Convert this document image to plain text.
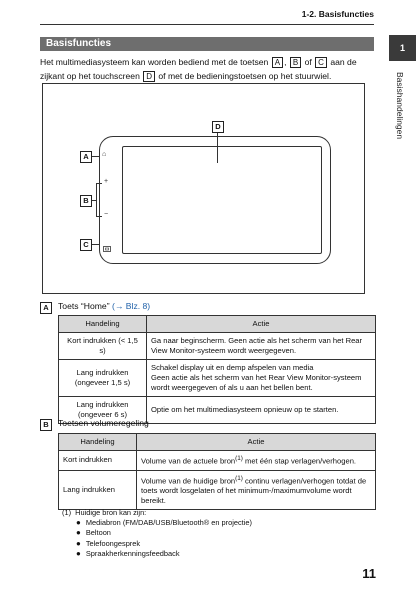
1-2. Basisfuncties
1
Basishandelingen
Basisfuncties
Het multimediasysteem kan worden bediend met de toetsen A , B of C aan de zijkant op het touchscreen D of met de bedieningstoetsen op het stuurwiel.
D
A	⌂
B
+
−
C
A	Toets “Home” (→ Blz. 8)
Handeling	Actie
Kort indrukken (< 1,5 s)	Ga naar beginscherm. Geen actie als het scherm van het Rear View Monitor-systeem wordt weergegeven.
Lang indrukken (ongeveer 1,5 s)	Schakel display uit en demp afspelen van media
Geen actie als het scherm van het Rear View Monitor-systeem wordt weergegeven of als u aan het bellen bent.

Lang indrukken (ongeveer 6 s)	Optie om het multimediasysteem opnieuw op te starten.
B	Toetsen volumeregeling
Handeling	Actie
Kort indrukken	Volume van de actuele bron$^{(1)}$ met één stap verlagen/verhogen.
Lang indrukken	Volume van de huidige bron$^{(1)}$ continu verlagen/verhogen totdat de toets wordt losgelaten of het minimum-/maximumvolume wordt bereikt.
(1) Huidige bron kan zijn:
● Mediabron (FM/DAB/USB/Bluetooth® en projectie)
● Beltoon
● Telefoongesprek
● Spraakherkenningsfeedback
11
